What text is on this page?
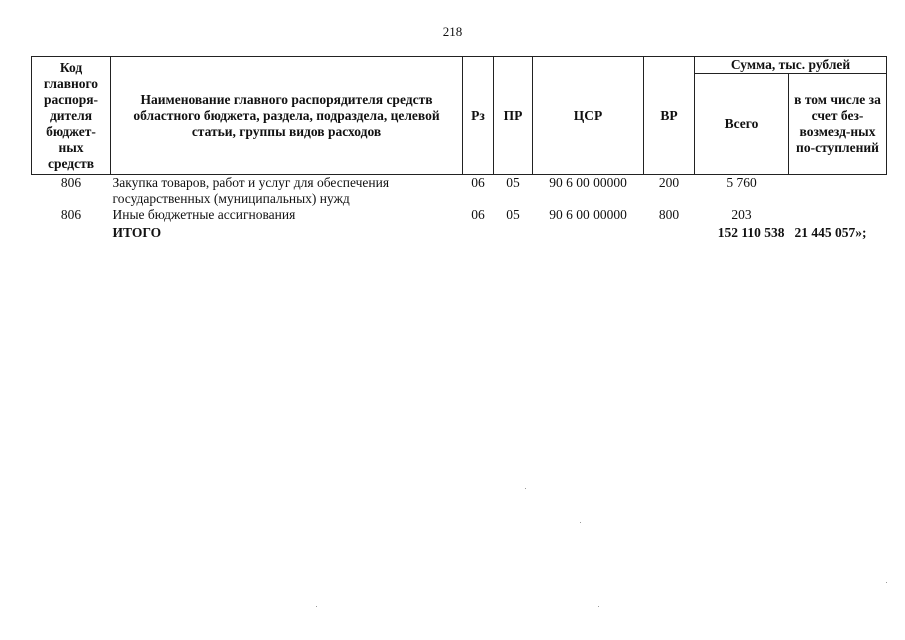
218
Код главного распоря-дителя бюджет-ных средств	Наименование главного распорядителя средств областного бюджета, раздела, подраздела, целевой статьи, группы видов расходов	Рз	ПР	ЦСР	ВР	Сумма, тыс. рублей	
						Всего	в том числе за счет без-возмезд-ных по-ступлений
806	Закупка товаров, работ и услуг для обеспечения государственных (муниципальных) нужд	06	05	90 6 00 00000	200	5 760	
806	Иные бюджетные ассигнования	06	05	90 6 00 00000	800	203	
	ИТОГО					152 110 538	21 445 057»;
